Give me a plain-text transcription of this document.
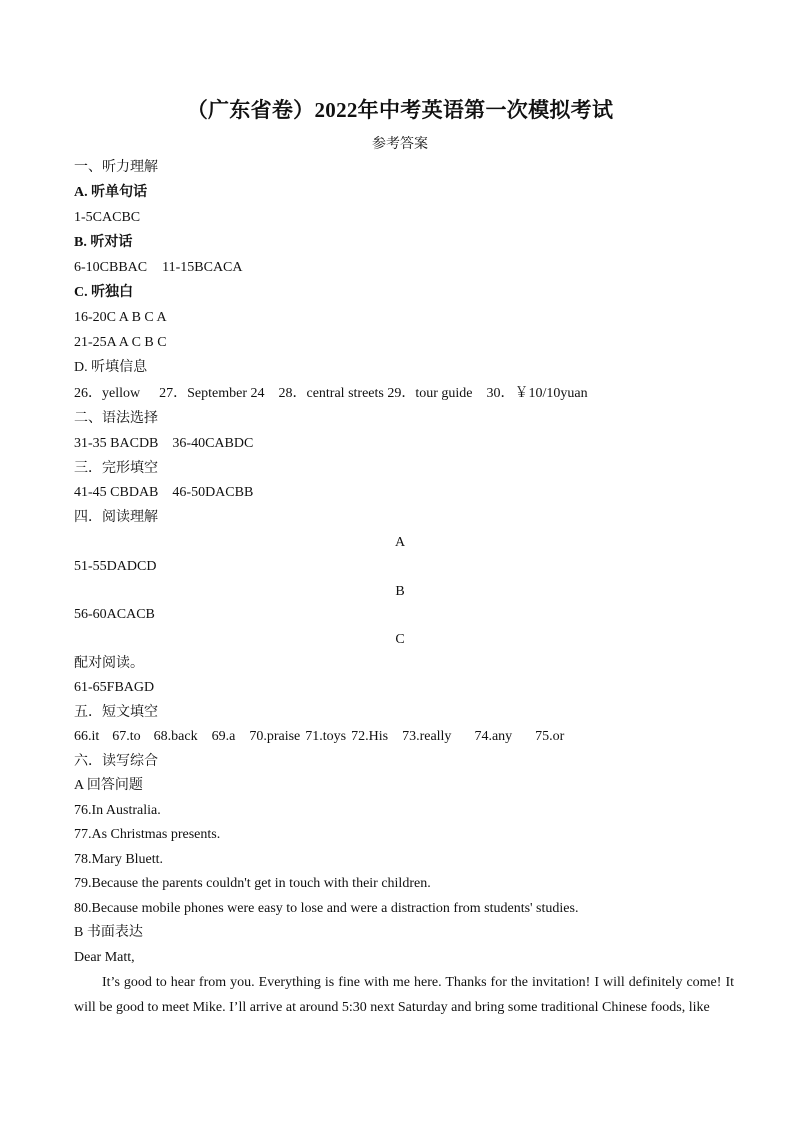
（广东省卷）2022年中考英语第一次模拟考试
参考答案
一、听力理解
A. 听单句话
1-5CACBC
B. 听对话
6-10CBBAC 11-15BCACA
C. 听独白
16-20C A B C A
21-25A A C B C
D. 听填信息
26．yellow 27．September 24 28．central streets 29．tour guide 30．￥10/10yuan
二、语法选择
31-35 BACDB 36-40CABDC
三．完形填空
41-45 CBDAB 46-50DACBB
四．阅读理解
A
51-55DADCD
B
56-60ACACB
C
配对阅读。
61-65FBAGD
五．短文填空
66.it 67.to 68.back 69.a 70.praise 71.toys 72.His 73.really 74.any 75.or
六．读写综合
A 回答问题
76.In Australia.
77.As Christmas presents.
78.Mary Bluett.
79.Because the parents couldn't get in touch with their children.
80.Because mobile phones were easy to lose and were a distraction from students' studies.
B 书面表达
Dear Matt,
It’s good to hear from you. Everything is fine with me here. Thanks for the invitation! I will definitely come! It will be good to meet Mike. I’ll arrive at around 5:30 next Saturday and bring some traditional Chinese foods, like
